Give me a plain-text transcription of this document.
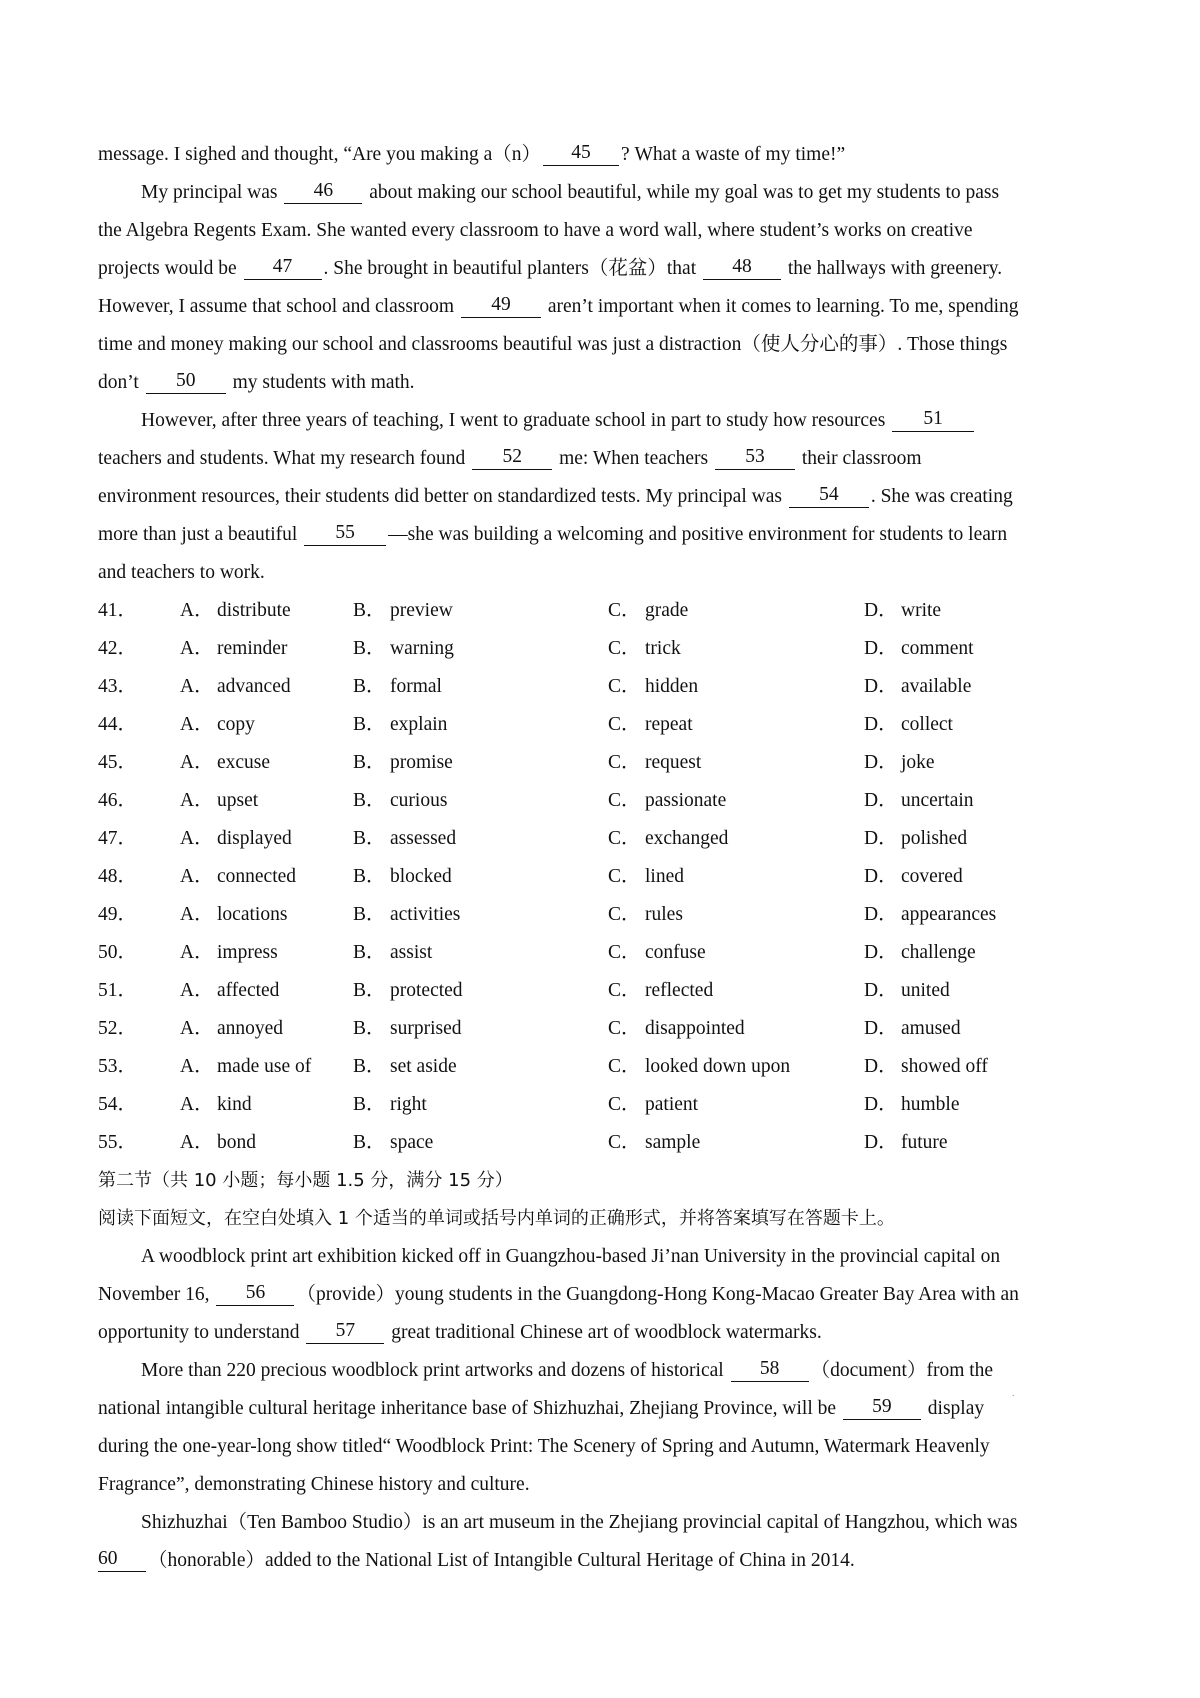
message. I sighed and thought, “Are you making a（n） 45 ? What a waste of my time!”
My principal was 46 about making our school beautiful, while my goal was to get my students to pass
the Algebra Regents Exam. She wanted every classroom to have a word wall, where student’s works on creative
projects would be 47 . She brought in beautiful planters（花盆）that 48 the hallways with greenery.
However, I assume that school and classroom 49 aren’t important when it comes to learning. To me, spending
time and money making our school and classrooms beautiful was just a distraction（使人分心的事）. Those things
don’t 50 my students with math.
However, after three years of teaching, I went to graduate school in part to study how resources 51
teachers and students. What my research found 52 me: When teachers 53 their classroom
environment resources, their students did better on standardized tests. My principal was 54 . She was creating
more than just a beautiful 55 —she was building a welcoming and positive environment for students to learn
and teachers to work.
41． A． distribute	B． preview	C． grade	D． write
42． A． reminder	B． warning	C． trick	D． comment
43． A． advanced	B． formal	C． hidden	D． available
44． A． copy	B． explain	C． repeat	D． collect
45． A． excuse	B． promise	C． request	D． joke
46． A． upset	B． curious	C． passionate	D． uncertain
47． A． displayed	B． assessed	C． exchanged	D． polished
48． A． connected	B． blocked	C． lined	D． covered
49． A． locations	B． activities	C． rules	D． appearances
50． A． impress	B． assist	C． confuse	D． challenge
51． A． affected	B． protected	C． reflected	D． united
52． A． annoyed	B． surprised	C． disappointed	D． amused
53． A． made use of B． set aside	C． looked down upon	D． showed off
54． A． kind	B． right	C． patient	D． humble
55． A． bond	B． space	C． sample	D． future
第二节（共 10 小题；每小题 1.5 分，满分 15 分）
阅读下面短文，在空白处填入 1 个适当的单词或括号内单词的正确形式，并将答案填写在答题卡上。
A woodblock print art exhibition kicked off in Guangzhou-based Ji’nan University in the provincial capital on
November 16, 56 （provide）young students in the Guangdong-Hong Kong-Macao Greater Bay Area with an
opportunity to understand 57 great traditional Chinese art of woodblock watermarks.
More than 220 precious woodblock print artworks and dozens of historical 58 （document）from the
national intangible cultural heritage inheritance base of Shizhuzhai, Zhejiang Province, will be 59 display
during the one-year-long show titled“ Woodblock Print: The Scenery of Spring and Autumn, Watermark Heavenly
Fragrance”, demonstrating Chinese history and culture.
Shizhuzhai（Ten Bamboo Studio）is an art museum in the Zhejiang provincial capital of Hangzhou, which was
60 （honorable）added to the National List of Intangible Cultural Heritage of China in 2014.
.
